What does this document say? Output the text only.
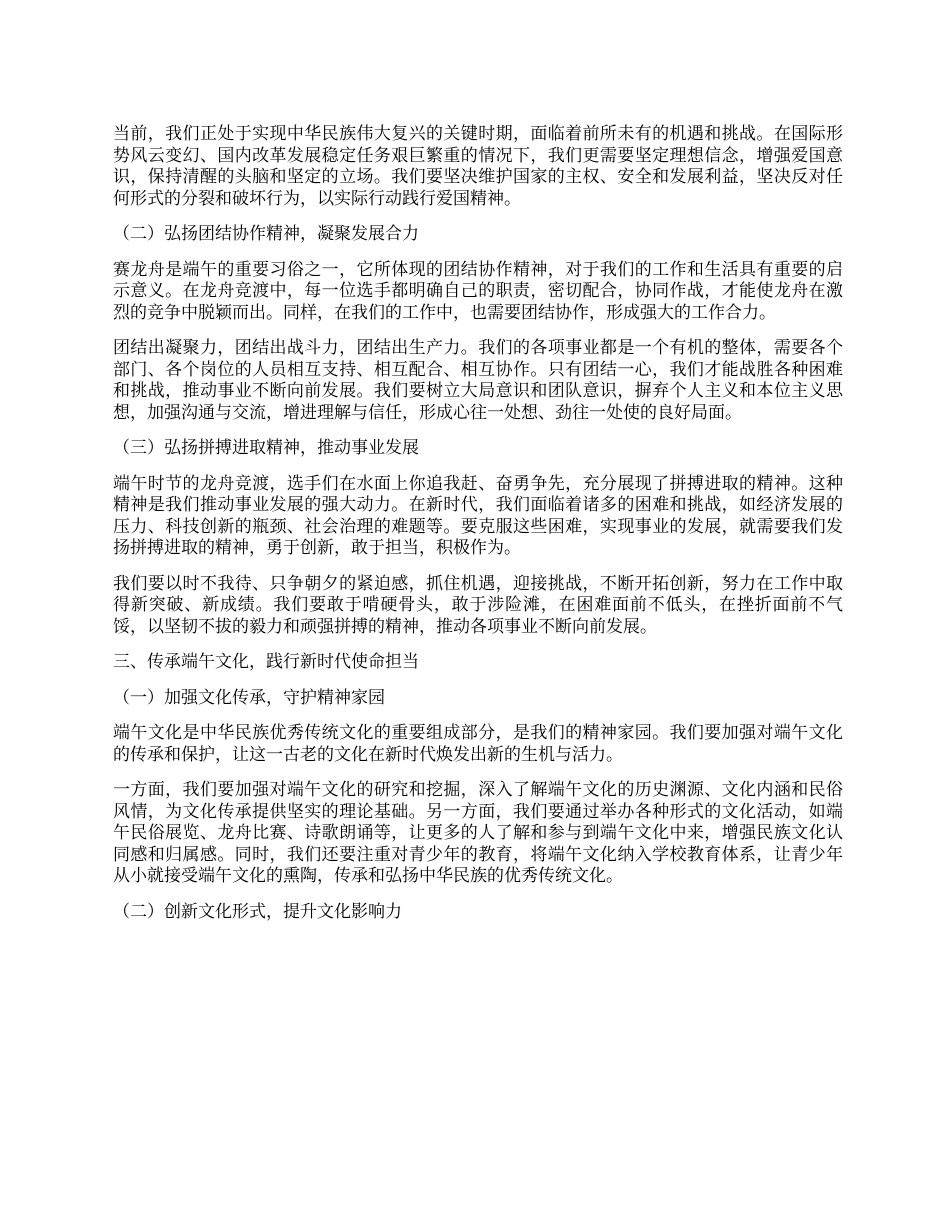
当前，我们正处于实现中华民族伟大复兴的关键时期，面临着前所未有的机遇和挑战。在国际形势风云变幻、国内改革发展稳定任务艰巨繁重的情况下，我们更需要坚定理想信念，增强爱国意识，保持清醒的头脑和坚定的立场。我们要坚决维护国家的主权、安全和发展利益，坚决反对任何形式的分裂和破坏行为，以实际行动践行爱国精神。

（二）弘扬团结协作精神，凝聚发展合力

赛龙舟是端午的重要习俗之一，它所体现的团结协作精神，对于我们的工作和生活具有重要的启示意义。在龙舟竞渡中，每一位选手都明确自己的职责，密切配合，协同作战，才能使龙舟在激烈的竞争中脱颖而出。同样，在我们的工作中，也需要团结协作，形成强大的工作合力。

团结出凝聚力，团结出战斗力，团结出生产力。我们的各项事业都是一个有机的整体，需要各个部门、各个岗位的人员相互支持、相互配合、相互协作。只有团结一心，我们才能战胜各种困难和挑战，推动事业不断向前发展。我们要树立大局意识和团队意识，摒弃个人主义和本位主义思想，加强沟通与交流，增进理解与信任，形成心往一处想、劲往一处使的良好局面。

（三）弘扬拼搏进取精神，推动事业发展

端午时节的龙舟竞渡，选手们在水面上你追我赶、奋勇争先，充分展现了拼搏进取的精神。这种精神是我们推动事业发展的强大动力。在新时代，我们面临着诸多的困难和挑战，如经济发展的压力、科技创新的瓶颈、社会治理的难题等。要克服这些困难，实现事业的发展，就需要我们发扬拼搏进取的精神，勇于创新，敢于担当，积极作为。

我们要以时不我待、只争朝夕的紧迫感，抓住机遇，迎接挑战，不断开拓创新，努力在工作中取得新突破、新成绩。我们要敢于啃硬骨头，敢于涉险滩，在困难面前不低头，在挫折面前不气馁，以坚韧不拔的毅力和顽强拼搏的精神，推动各项事业不断向前发展。

三、传承端午文化，践行新时代使命担当

（一）加强文化传承，守护精神家园

端午文化是中华民族优秀传统文化的重要组成部分，是我们的精神家园。我们要加强对端午文化的传承和保护，让这一古老的文化在新时代焕发出新的生机与活力。

一方面，我们要加强对端午文化的研究和挖掘，深入了解端午文化的历史渊源、文化内涵和民俗风情，为文化传承提供坚实的理论基础。另一方面，我们要通过举办各种形式的文化活动，如端午民俗展览、龙舟比赛、诗歌朗诵等，让更多的人了解和参与到端午文化中来，增强民族文化认同感和归属感。同时，我们还要注重对青少年的教育，将端午文化纳入学校教育体系，让青少年从小就接受端午文化的熏陶，传承和弘扬中华民族的优秀传统文化。

（二）创新文化形式，提升文化影响力
